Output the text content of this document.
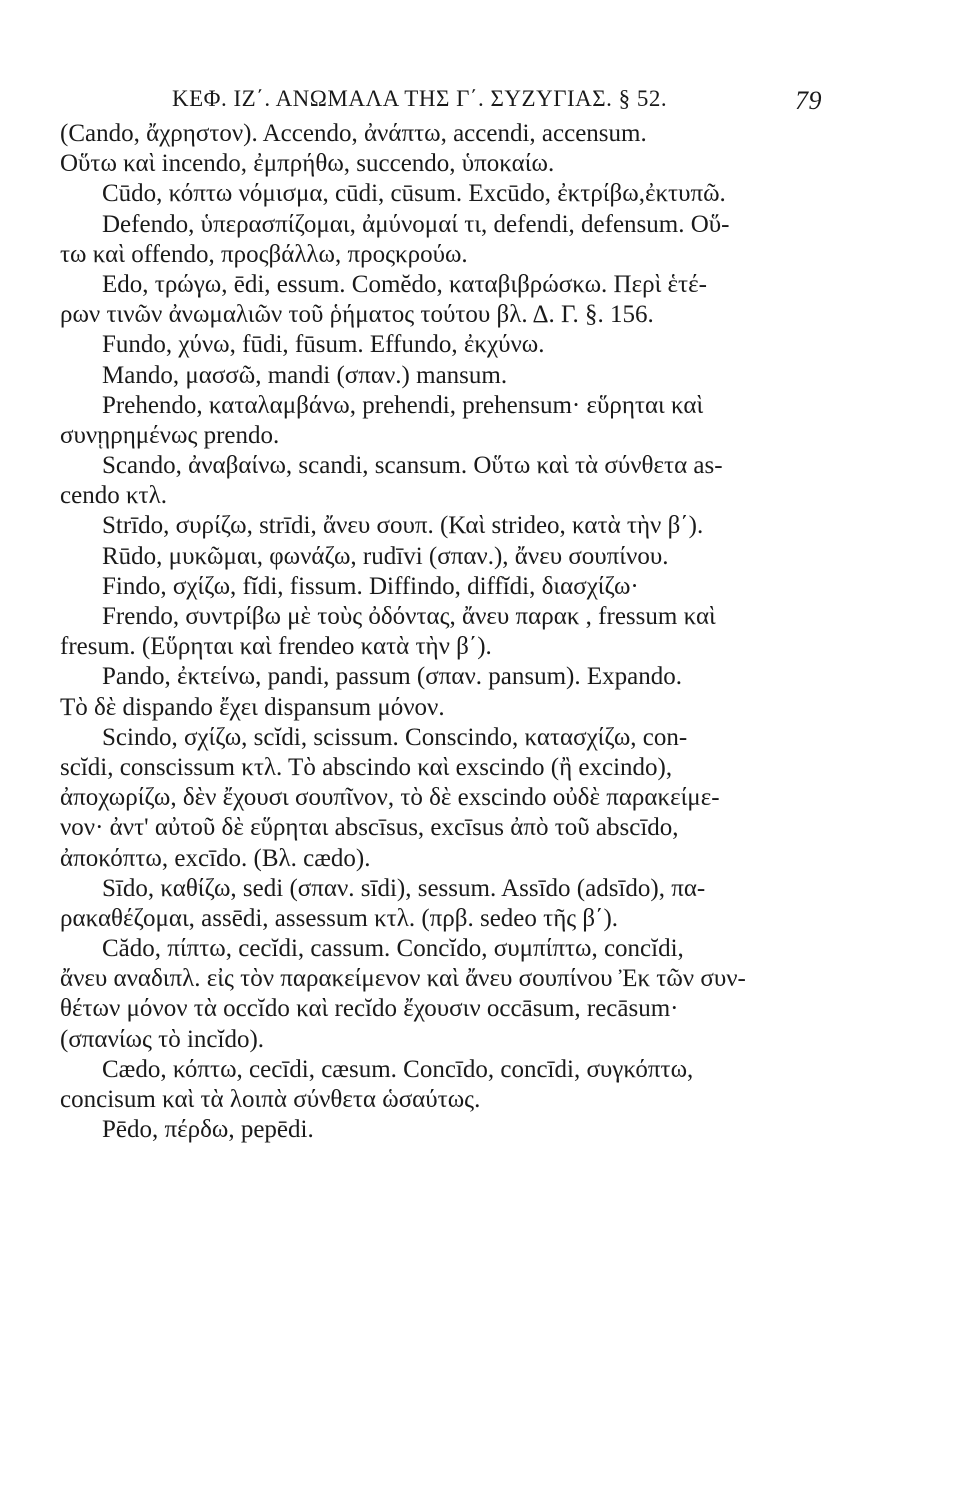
ΚΕΦ. ΙΖ΄. ΑΝΩΜΑΛΑ ΤΗΣ Γ΄. ΣΥΖΥΓΙΑΣ. § 52.	79
(Cando, ἄχρηστον). Accendo, ἀνάπτω, accendi, accensum.
Οὕτω καὶ incendo, ἐμπρήθω, succendo, ὑποκαίω.
Cūdo, κόπτω νόμισμα, cūdi, cūsum. Excūdo, ἐκτρίβω,ἐκτυπῶ.
Defendo, ὑπερασπίζομαι, ἀμύνομαί τι, defendi, defensum. Οὕ-
τω καὶ offendo, προςβάλλω, προςκρούω.
Edo, τρώγω, ēdi, essum. Comĕdo, καταβιβρώσκω. Περὶ ἑτέ-
ρων τινῶν ἀνωμαλιῶν τοῦ ῥήματος τούτου βλ. Δ. Γ. §. 156.
Fundo, χύνω, fūdi, fūsum. Effundo, ἐκχύνω.
Mando, μασσῶ, mandi (σπαν.) mansum.
Prehendo, καταλαμβάνω, prehendi, prehensum· εὕρηται καὶ
συνῃρημένως prendo.
Scando, ἀναβαίνω, scandi, scansum. Οὕτω καὶ τὰ σύνθετα as-
cendo κτλ.
Strīdo, συρίζω, strīdi, ἄνευ σουπ. (Καὶ strideo, κατὰ τὴν β΄).
Rūdo, μυκῶμαι, φωνάζω, rudīvi (σπαν.), ἄνευ σουπίνου.
Findo, σχίζω, fĭdi, fissum. Diffindo, diffĭdi, διασχίζω·
Frendo, συντρίβω μὲ τοὺς ὀδόντας, ἄνευ παρακ , fressum καὶ
fresum. (Εὕρηται καὶ frendeo κατὰ τὴν β΄).
Pando, ἐκτείνω, pandi, passum (σπαν. pansum). Expando.
Τὸ δὲ dispando ἔχει dispansum μόνον.
Scindo, σχίζω, scĭdi, scissum. Conscindo, κατασχίζω, con-
scĭdi, conscissum κτλ. Τὸ abscindo καὶ exscindo (ἢ excindo),
ἀποχωρίζω, δὲν ἔχουσι σουπῖνον, τὸ δὲ exscindo οὐδὲ παρακείμε-
νον· ἀντ' αὐτοῦ δὲ εὕρηται abscīsus, excīsus ἀπὸ τοῦ abscīdo,
ἀποκόπτω, excīdo. (Βλ. cædo).
Sīdo, καθίζω, sedi (σπαν. sīdi), sessum. Assīdo (adsīdo), πα-
ρακαθέζομαι, assēdi, assessum κτλ. (πρβ. sedeo τῆς β΄).
Cădo, πίπτω, cecĭdi, cassum. Concĭdo, συμπίπτω, concĭdi,
ἄνευ αναδιπλ. εἰς τὸν παρακείμενον καὶ ἄνευ σουπίνου Ἐκ τῶν συν-
θέτων μόνον τὰ occĭdo καὶ recĭdo ἔχουσιν occāsum, recāsum·
(σπανίως τὸ incĭdo).
Cædo, κόπτω, cecīdi, cæsum. Concīdo, concīdi, συγκόπτω,
concisum καὶ τὰ λοιπὰ σύνθετα ὡσαύτως.
Pēdo, πέρδω, pepēdi.
